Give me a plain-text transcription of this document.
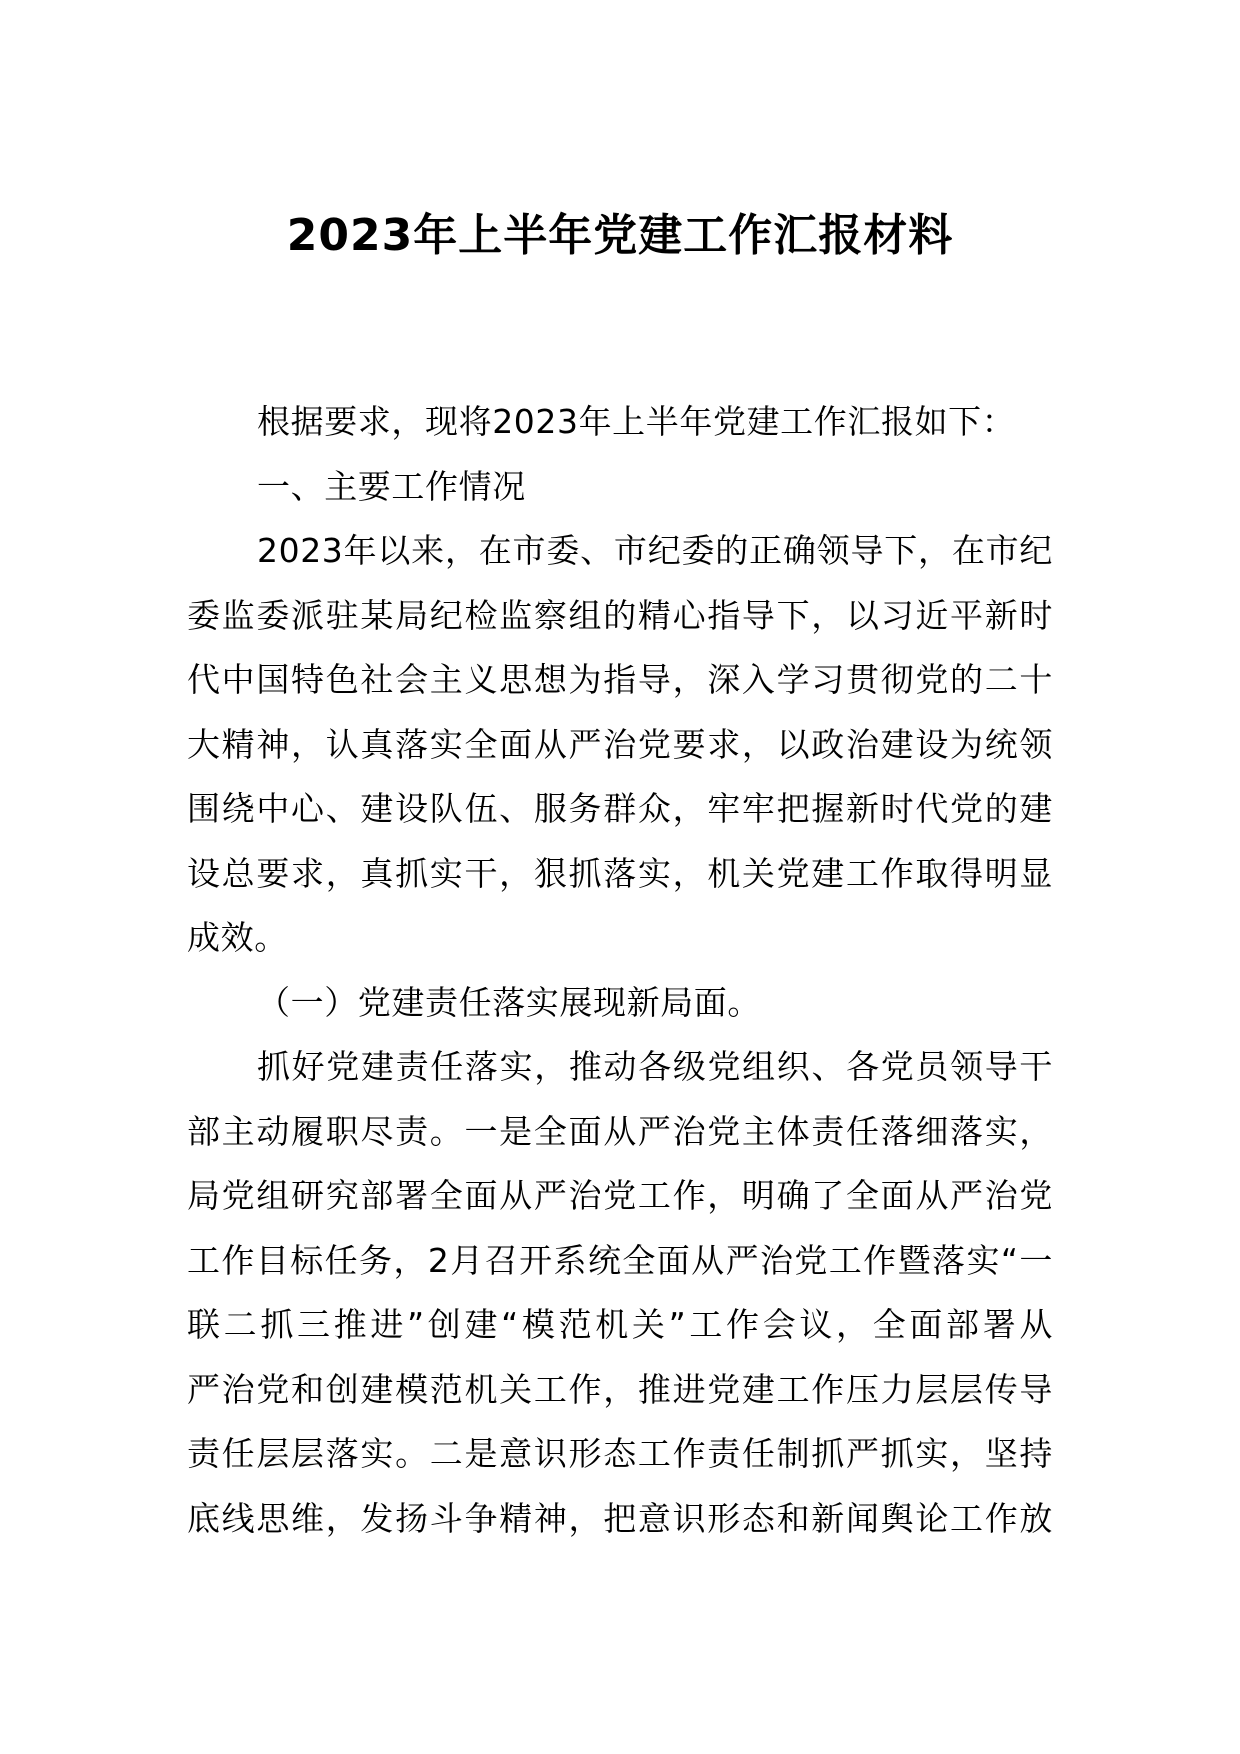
2023年上半年党建工作汇报材料
根据要求，现将2023年上半年党建工作汇报如下：
一、主要工作情况
2023年以来，在市委、市纪委的正确领导下，在市纪
委监委派驻某局纪检监察组的精心指导下，以习近平新时
代中国特色社会主义思想为指导，深入学习贯彻党的二十
大精神，认真落实全面从严治党要求，以政治建设为统领
围绕中心、建设队伍、服务群众，牢牢把握新时代党的建
设总要求，真抓实干，狠抓落实，机关党建工作取得明显
成效。
（一）党建责任落实展现新局面。
抓好党建责任落实，推动各级党组织、各党员领导干
部主动履职尽责。一是全面从严治党主体责任落细落实，
局党组研究部署全面从严治党工作，明确了全面从严治党
工作目标任务，2月召开系统全面从严治党工作暨落实“一
联二抓三推进”创建“模范机关”工作会议，全面部署从
严治党和创建模范机关工作，推进党建工作压力层层传导
责任层层落实。二是意识形态工作责任制抓严抓实，坚持
底线思维，发扬斗争精神，把意识形态和新闻舆论工作放
